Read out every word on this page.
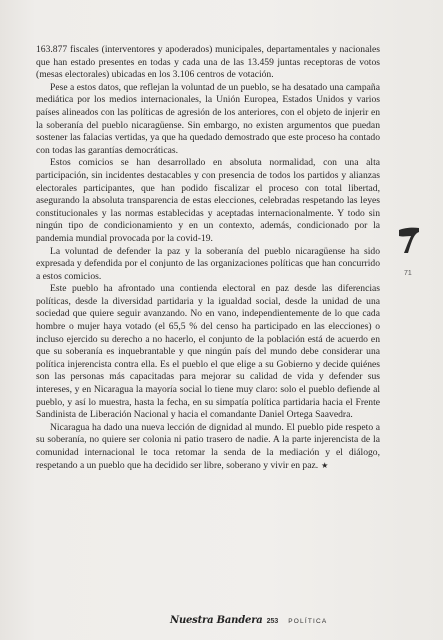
163.877 fiscales (interventores y apoderados) municipales, departamentales y nacionales que han estado presentes en todas y cada una de las 13.459 juntas receptoras de votos (mesas electorales) ubicadas en los 3.106 centros de votación.

Pese a estos datos, que reflejan la voluntad de un pueblo, se ha desatado una campaña mediática por los medios internacionales, la Unión Europea, Estados Unidos y varios países alineados con las políticas de agresión de los anteriores, con el objeto de injerir en la soberanía del pueblo nicaragüense. Sin embargo, no existen argumentos que puedan sostener las falacias vertidas, ya que ha quedado demostrado que este proceso ha contado con todas las garantías democráticas.

Estos comicios se han desarrollado en absoluta normalidad, con una alta participación, sin incidentes destacables y con presencia de todos los partidos y alianzas electorales participantes, que han podido fiscalizar el proceso con total libertad, asegurando la absoluta transparencia de estas elecciones, celebradas respetando las leyes constitucionales y las normas establecidas y aceptadas internacionalmente. Y todo sin ningún tipo de condicionamiento y en un contexto, además, condicionado por la pandemia mundial provocada por la covid-19.

La voluntad de defender la paz y la soberanía del pueblo nicaragüense ha sido expresada y defendida por el conjunto de las organizaciones políticas que han concurrido a estos comicios.

Este pueblo ha afrontado una contienda electoral en paz desde las diferencias políticas, desde la diversidad partidaria y la igualdad social, desde la unidad de una sociedad que quiere seguir avanzando. No en vano, independientemente de lo que cada hombre o mujer haya votado (el 65,5 % del censo ha participado en las elecciones) o incluso ejercido su derecho a no hacerlo, el conjunto de la población está de acuerdo en que su soberanía es inquebrantable y que ningún país del mundo debe considerar una política injerencista contra ella. Es el pueblo el que elige a su Gobierno y decide quiénes son las personas más capacitadas para mejorar su calidad de vida y defender sus intereses, y en Nicaragua la mayoría social lo tiene muy claro: solo el pueblo defiende al pueblo, y así lo muestra, hasta la fecha, en su simpatía política partidaria hacia el Frente Sandinista de Liberación Nacional y hacia el comandante Daniel Ortega Saavedra.

Nicaragua ha dado una nueva lección de dignidad al mundo. El pueblo pide respeto a su soberanía, no quiere ser colonia ni patio trasero de nadie. A la parte injerencista de la comunidad internacional le toca retomar la senda de la mediación y el diálogo, respetando a un pueblo que ha decidido ser libre, soberano y vivir en paz. ★

71
Nuestra Bandera 253 POLÍTICA
